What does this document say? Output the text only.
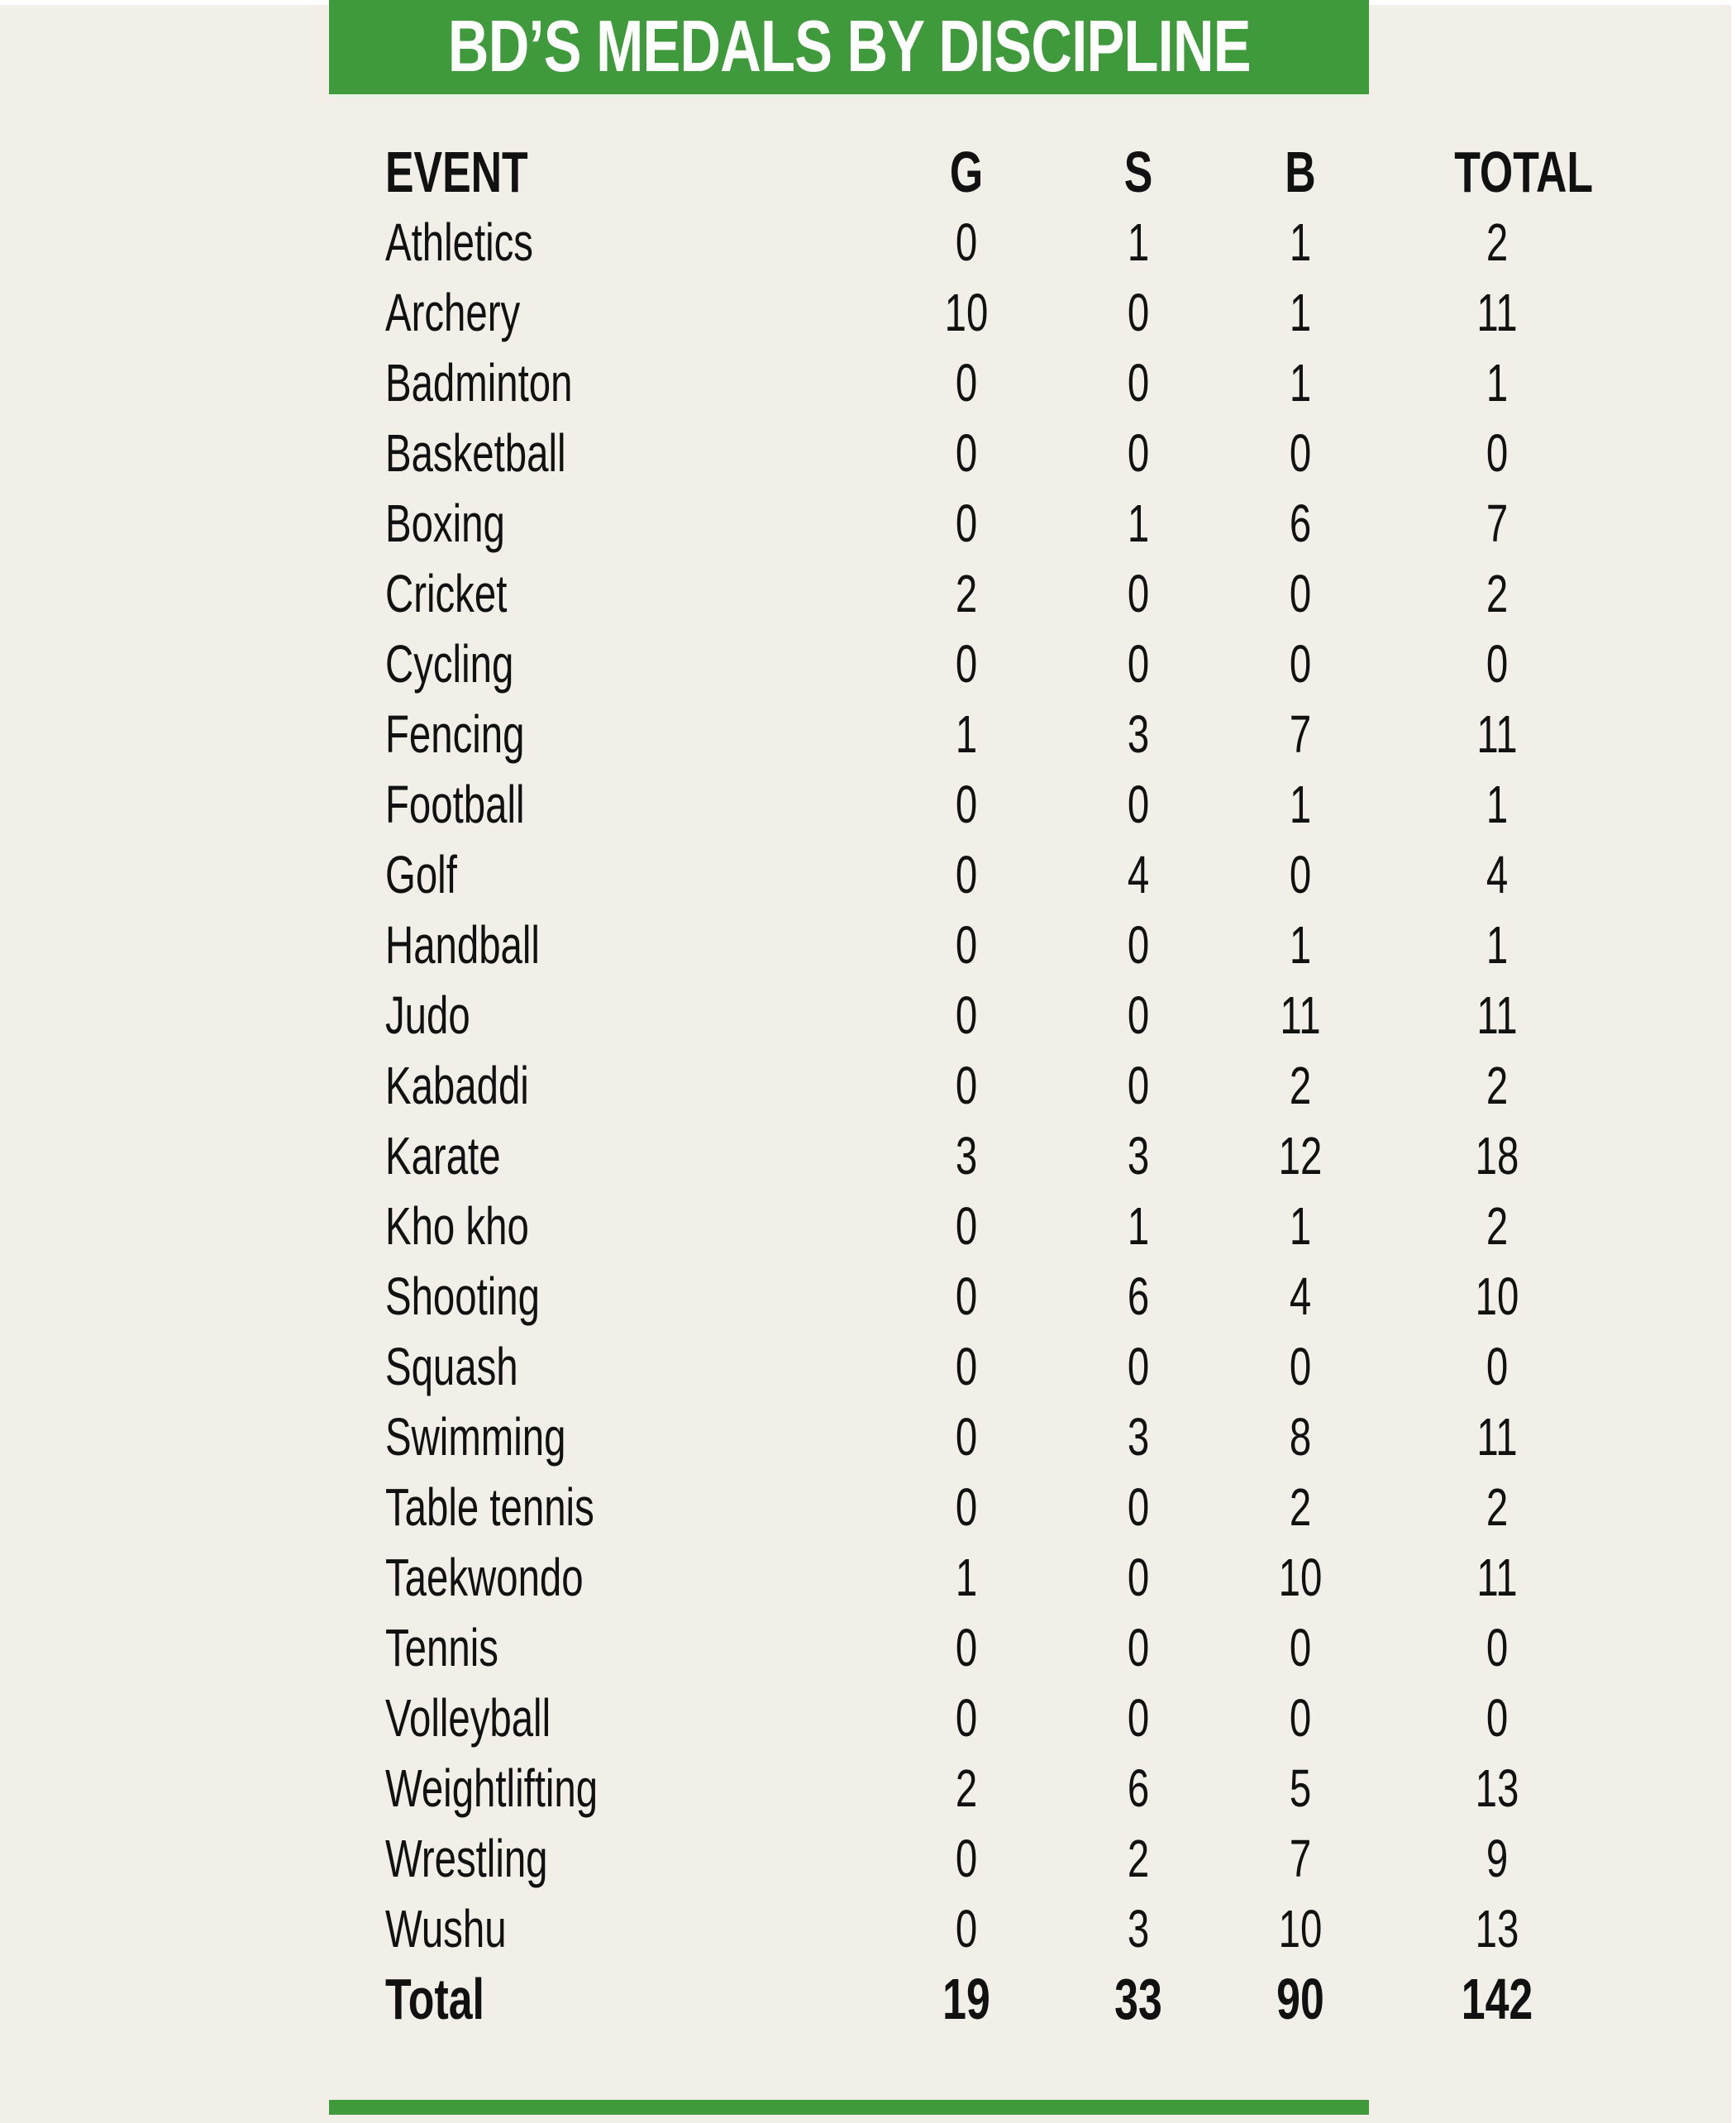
BD’S MEDALS BY DISCIPLINE
EVENT	G	S	B	TOTAL
Athletics	0	1	1	2
Archery	10	0	1	11
Badminton	0	0	1	1
Basketball	0	0	0	0
Boxing	0	1	6	7
Cricket	2	0	0	2
Cycling	0	0	0	0
Fencing	1	3	7	11
Football	0	0	1	1
Golf	0	4	0	4
Handball	0	0	1	1
Judo	0	0	11	11
Kabaddi	0	0	2	2
Karate	3	3	12	18
Kho kho	0	1	1	2
Shooting	0	6	4	10
Squash	0	0	0	0
Swimming	0	3	8	11
Table tennis	0	0	2	2
Taekwondo	1	0	10	11
Tennis	0	0	0	0
Volleyball	0	0	0	0
Weightlifting	2	6	5	13
Wrestling	0	2	7	9
Wushu	0	3	10	13
Total	19	33	90	142
